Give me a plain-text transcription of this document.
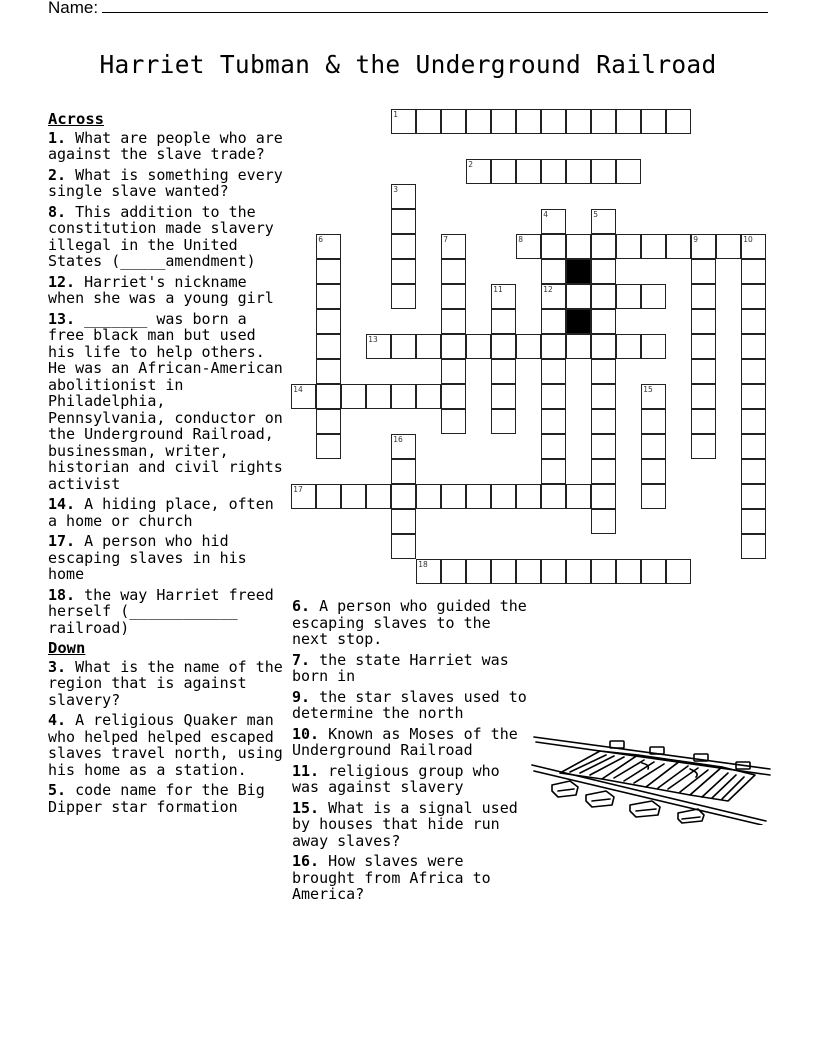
Name:
Harriet Tubman & the Underground Railroad
Across
1. What are people who are against the slave trade?
2. What is something every single slave wanted?
8. This addition to the constitution made slavery illegal in the United States (_____amendment)
12. Harriet's nickname when she was a young girl
13. _______ was born a free black man but used his life to help others. He was an African-American abolitionist in Philadelphia, Pennsylvania, conductor on the Underground Railroad, businessman, writer, historian and civil rights activist
14. A hiding place, often a home or church
17. A person who hid escaping slaves in his home
18. the way Harriet freed herself (____________ railroad)
Down
3. What is the name of the region that is against slavery?
4. A religious Quaker man who helped helped escaped slaves travel north, using his home as a station.
5. code name for the Big Dipper star formation
6. A person who guided the escaping slaves to the next stop.
7. the state Harriet was born in
9. the star slaves used to determine the north
10. Known as Moses of the Underground Railroad
11. religious group who was against slavery
15. What is a signal used by houses that hide run away slaves?
16. How slaves were brought from Africa to America?
1
2
3
4
12
5
6	7	8	9	10
11
13
14	15
16
17
18
